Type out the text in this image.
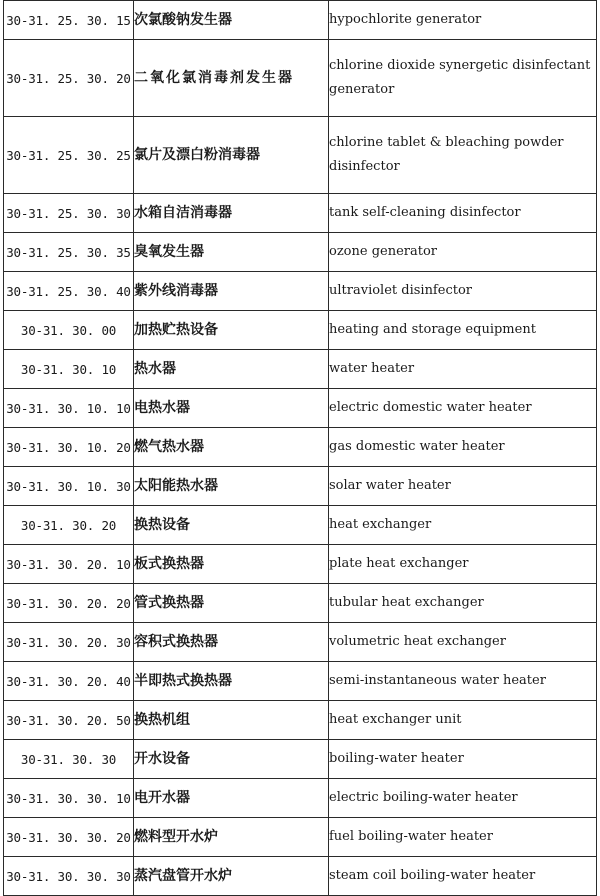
30-31. 25. 30. 15	次氯酸钠发生器	hypochlorite generator
30-31. 25. 30. 20	二氧化氯消毒剂发生器	chlorine dioxide synergetic disinfectant generator
30-31. 25. 30. 25	氯片及漂白粉消毒器	chlorine tablet & bleaching powder disinfector
30-31. 25. 30. 30	水箱自洁消毒器	tank self-cleaning disinfector
30-31. 25. 30. 35	臭氧发生器	ozone generator
30-31. 25. 30. 40	紫外线消毒器	ultraviolet disinfector
30-31. 30. 00	加热贮热设备	heating and storage equipment
30-31. 30. 10	热水器	water heater
30-31. 30. 10. 10	电热水器	electric domestic water heater
30-31. 30. 10. 20	燃气热水器	gas domestic water heater
30-31. 30. 10. 30	太阳能热水器	solar water heater
30-31. 30. 20	换热设备	heat exchanger
30-31. 30. 20. 10	板式换热器	plate heat exchanger
30-31. 30. 20. 20	管式换热器	tubular heat exchanger
30-31. 30. 20. 30	容积式换热器	volumetric heat exchanger
30-31. 30. 20. 40	半即热式换热器	semi-instantaneous water heater
30-31. 30. 20. 50	换热机组	heat exchanger unit
30-31. 30. 30	开水设备	boiling-water heater
30-31. 30. 30. 10	电开水器	electric boiling-water heater
30-31. 30. 30. 20	燃料型开水炉	fuel boiling-water heater
30-31. 30. 30. 30	蒸汽盘管开水炉	steam coil boiling-water heater
